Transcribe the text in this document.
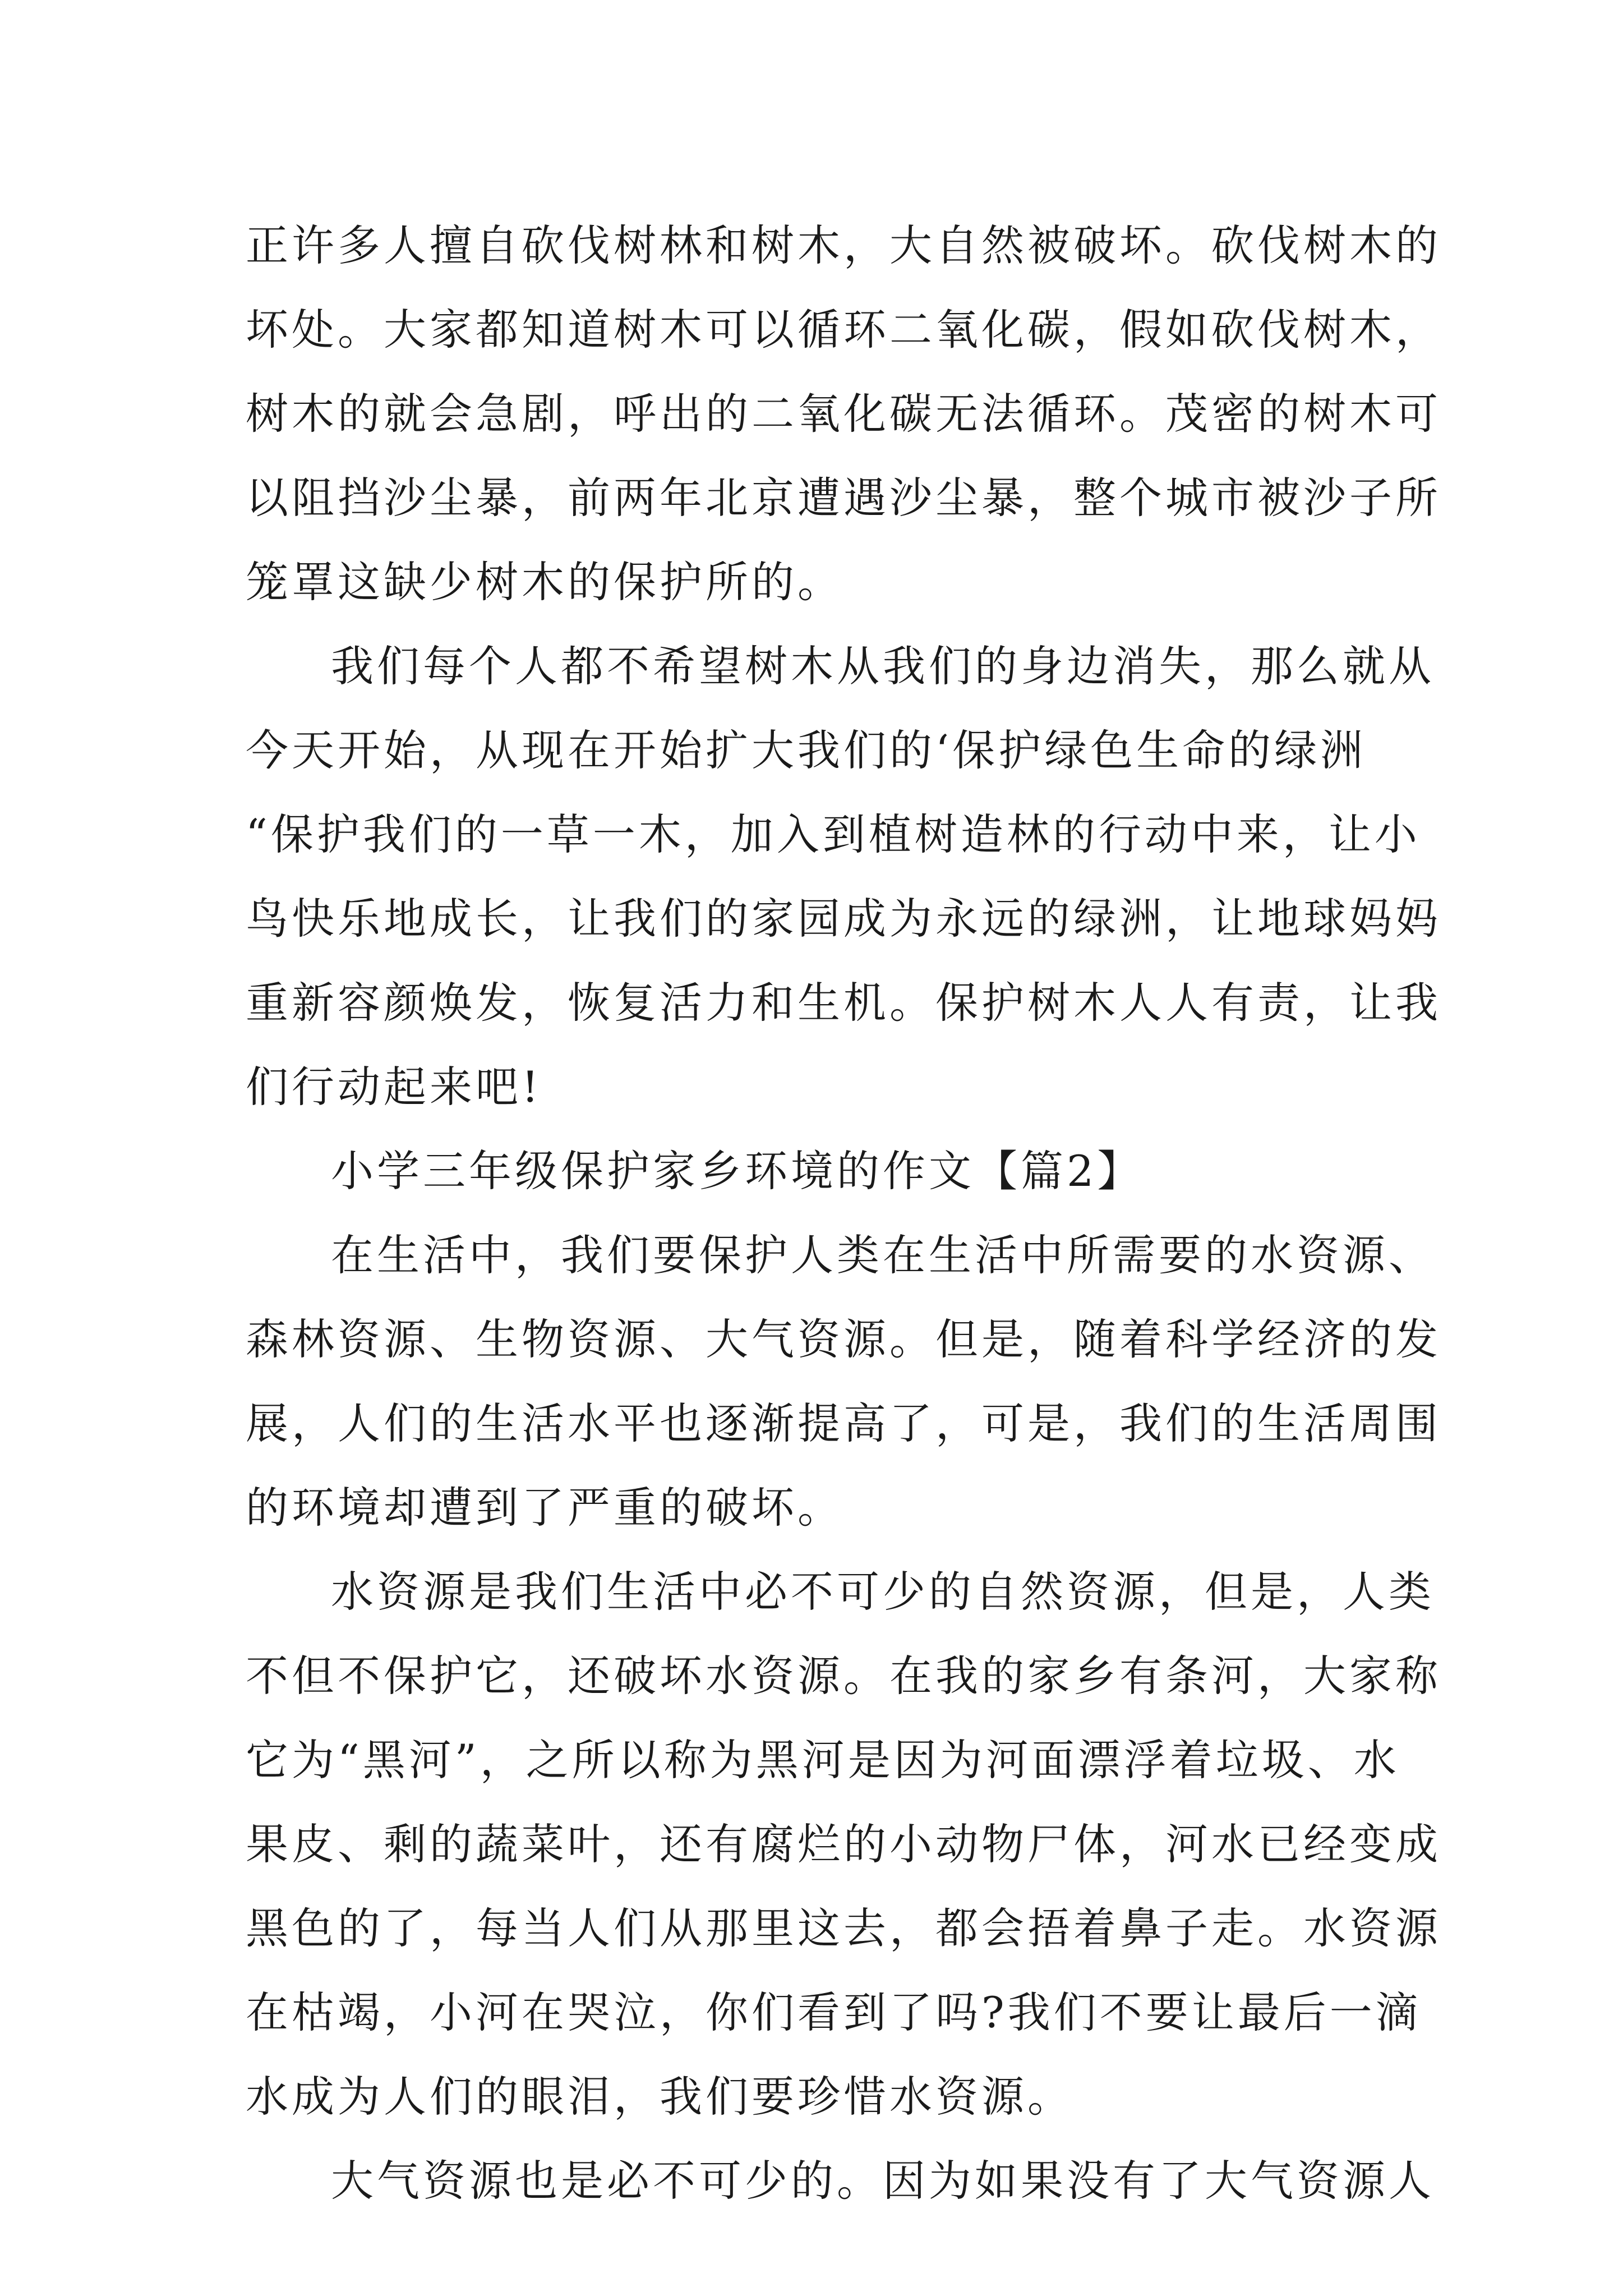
正许多人擅自砍伐树林和树木，大自然被破坏。砍伐树木的
坏处。大家都知道树木可以循环二氧化碳，假如砍伐树木，
树木的就会急剧，呼出的二氧化碳无法循环。茂密的树木可
以阻挡沙尘暴，前两年北京遭遇沙尘暴，整个城市被沙子所
笼罩这缺少树木的保护所的。
我们每个人都不希望树木从我们的身边消失，那么就从
今天开始，从现在开始扩大我们的‘保护绿色生命的绿洲
“保护我们的一草一木，加入到植树造林的行动中来，让小
鸟快乐地成长，让我们的家园成为永远的绿洲，让地球妈妈
重新容颜焕发，恢复活力和生机。保护树木人人有责，让我
们行动起来吧!
小学三年级保护家乡环境的作文【篇2】
在生活中，我们要保护人类在生活中所需要的水资源、
森林资源、生物资源、大气资源。但是，随着科学经济的发
展，人们的生活水平也逐渐提高了，可是，我们的生活周围
的环境却遭到了严重的破坏。
水资源是我们生活中必不可少的自然资源，但是，人类
不但不保护它，还破坏水资源。在我的家乡有条河，大家称
它为“黑河”，之所以称为黑河是因为河面漂浮着垃圾、水
果皮、剩的蔬菜叶，还有腐烂的小动物尸体，河水已经变成
黑色的了，每当人们从那里这去，都会捂着鼻子走。水资源
在枯竭，小河在哭泣，你们看到了吗?我们不要让最后一滴
水成为人们的眼泪，我们要珍惜水资源。
大气资源也是必不可少的。因为如果没有了大气资源人
